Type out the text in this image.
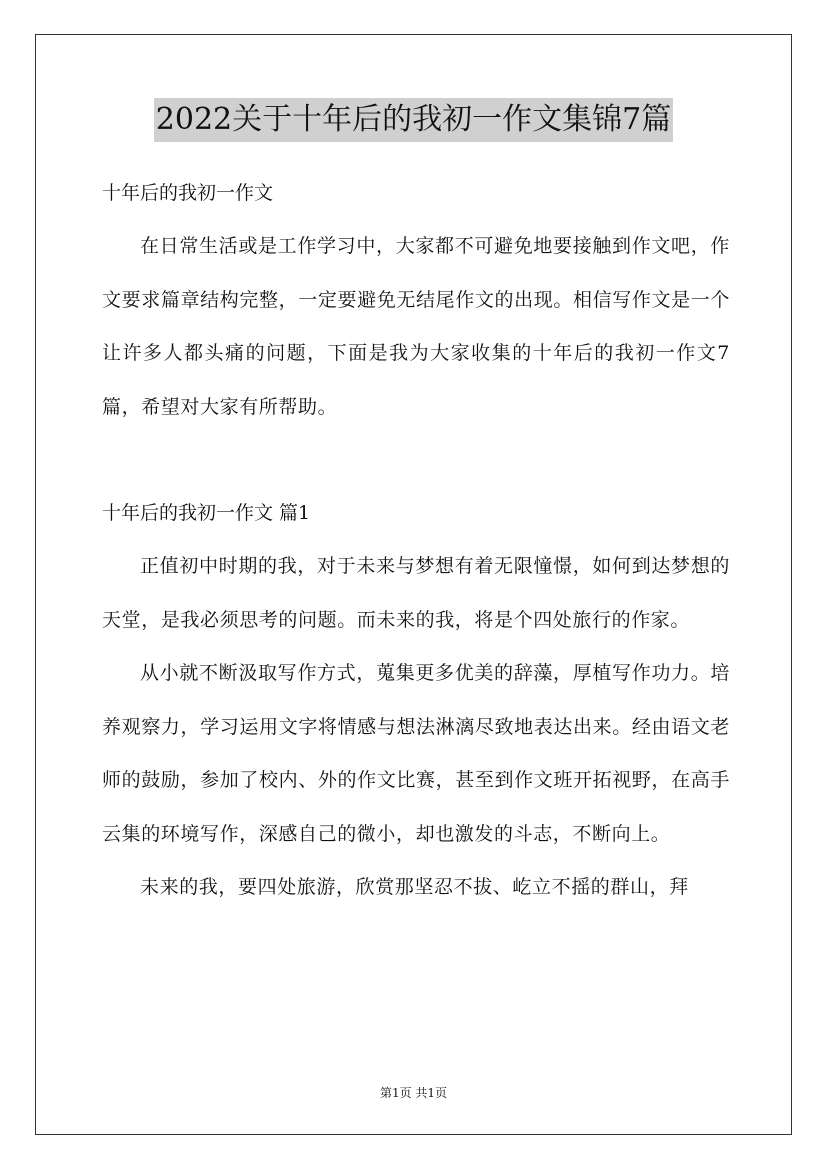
2022关于十年后的我初一作文集锦7篇
十年后的我初一作文

在日常生活或是工作学习中，大家都不可避免地要接触到作文吧，作文要求篇章结构完整，一定要避免无结尾作文的出现。相信写作文是一个让许多人都头痛的问题，下面是我为大家收集的十年后的我初一作文7篇，希望对大家有所帮助。

十年后的我初一作文 篇1

正值初中时期的我，对于未来与梦想有着无限憧憬，如何到达梦想的天堂，是我必须思考的问题。而未来的我，将是个四处旅行的作家。

从小就不断汲取写作方式，蒐集更多优美的辞藻，厚植写作功力。培养观察力，学习运用文字将情感与想法淋漓尽致地表达出来。经由语文老师的鼓励，参加了校内、外的作文比赛，甚至到作文班开拓视野，在高手云集的环境写作，深感自己的微小，却也激发的斗志，不断向上。

未来的我，要四处旅游，欣赏那坚忍不拔、屹立不摇的群山，拜

第1页 共1页
